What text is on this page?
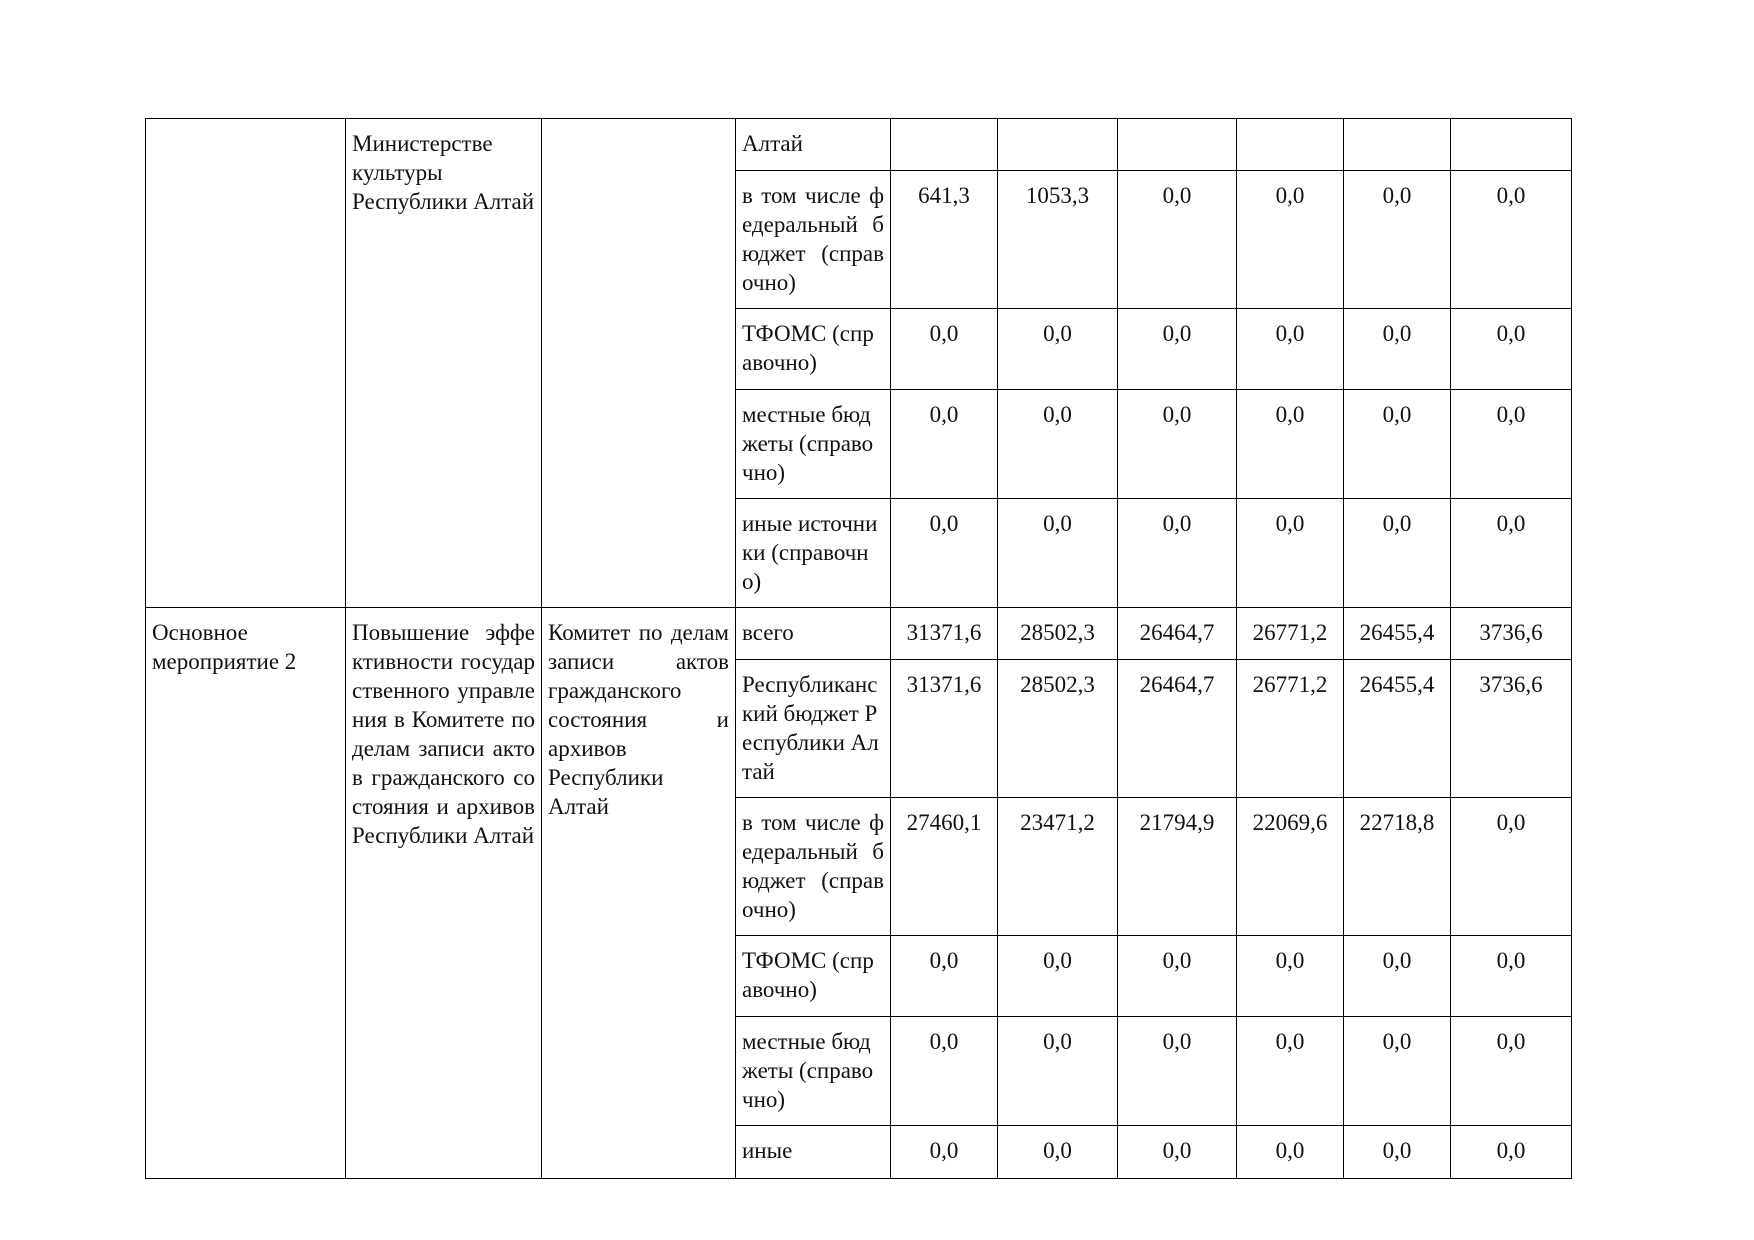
	Министерстве культуры Республики Алтай		Алтай						
			в том числе федеральный бюджет (справочно)	641,3	1053,3	0,0	0,0	0,0	0,0
			ТФОМС (справочно)	0,0	0,0	0,0	0,0	0,0	0,0
			местные бюджеты (справочно)	0,0	0,0	0,0	0,0	0,0	0,0
			иные источники (справочно)	0,0	0,0	0,0	0,0	0,0	0,0
Основное мероприятие 2	Повышение эффективности государственного управления в Комитете по делам записи актов гражданского состояния и архивов Республики Алтай	Комитет по делам записи актов гражданского состояния и архивов Республики Алтай	всего	31371,6	28502,3	26464,7	26771,2	26455,4	3736,6
			Республиканский бюджет Республики Алтай	31371,6	28502,3	26464,7	26771,2	26455,4	3736,6
			в том числе федеральный бюджет (справочно)	27460,1	23471,2	21794,9	22069,6	22718,8	0,0
			ТФОМС (справочно)	0,0	0,0	0,0	0,0	0,0	0,0
			местные бюджеты (справочно)	0,0	0,0	0,0	0,0	0,0	0,0
			иные	0,0	0,0	0,0	0,0	0,0	0,0
